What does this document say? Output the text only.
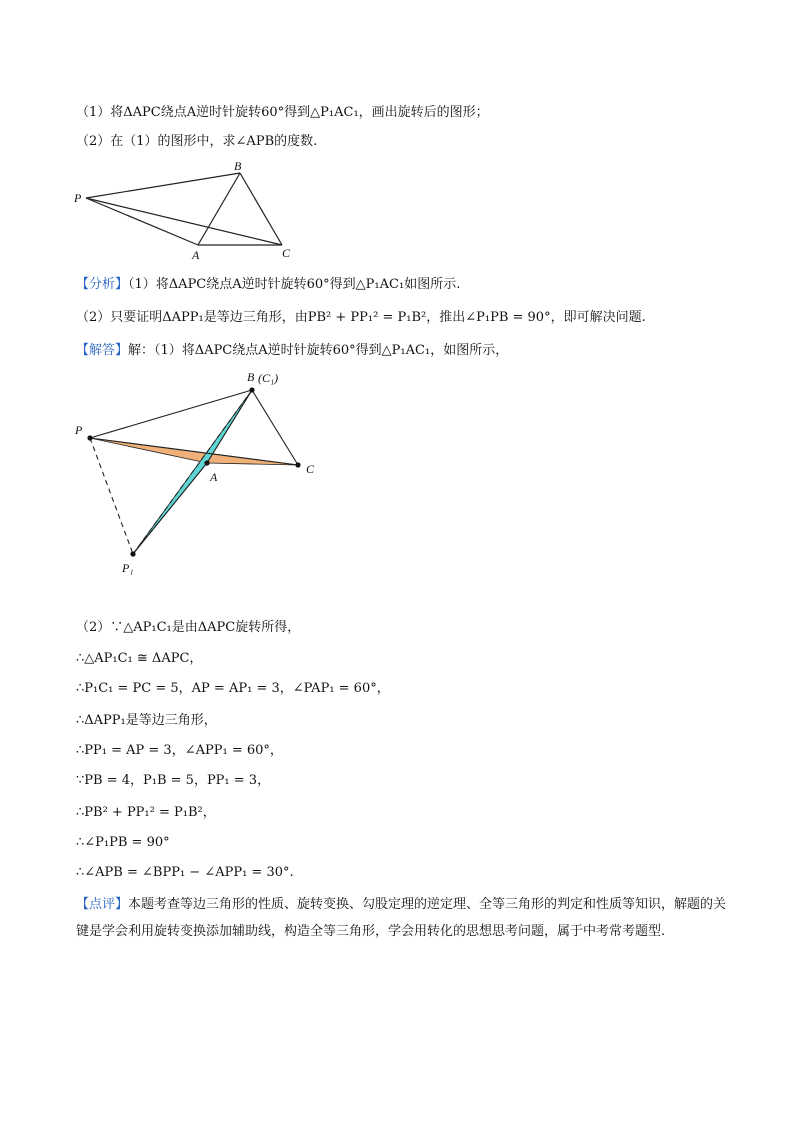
（1）将ΔAPC绕点A逆时针旋转60°得到△P₁AC₁，画出旋转后的图形；
（2）在（1）的图形中，求∠APB的度数.
P
B
A	C
【分析】（1）将ΔAPC绕点A逆时针旋转60°得到△P₁AC₁如图所示.
（2）只要证明ΔAPP₁是等边三角形，由PB² + PP₁² = P₁B²，推出∠P₁PB = 90°，即可解决问题.
【解答】解：（1）将ΔAPC绕点A逆时针旋转60°得到△P₁AC₁，如图所示，
P
B (C₁)
A
C
P₁
（2）∵△AP₁C₁是由ΔAPC旋转所得，
∴△AP₁C₁ ≅ ΔAPC，
∴P₁C₁ = PC = 5，AP = AP₁ = 3，∠PAP₁ = 60°，
∴ΔAPP₁是等边三角形，
∴PP₁ = AP = 3，∠APP₁ = 60°，
∵PB = 4，P₁B = 5，PP₁ = 3，
∴PB² + PP₁² = P₁B²，
∴∠P₁PB = 90°
∴∠APB = ∠BPP₁ − ∠APP₁ = 30°.
【点评】本题考查等边三角形的性质、旋转变换、勾股定理的逆定理、全等三角形的判定和性质等知识，解题的关键是学会利用旋转变换添加辅助线，构造全等三角形，学会用转化的思想思考问题，属于中考常考题型.
